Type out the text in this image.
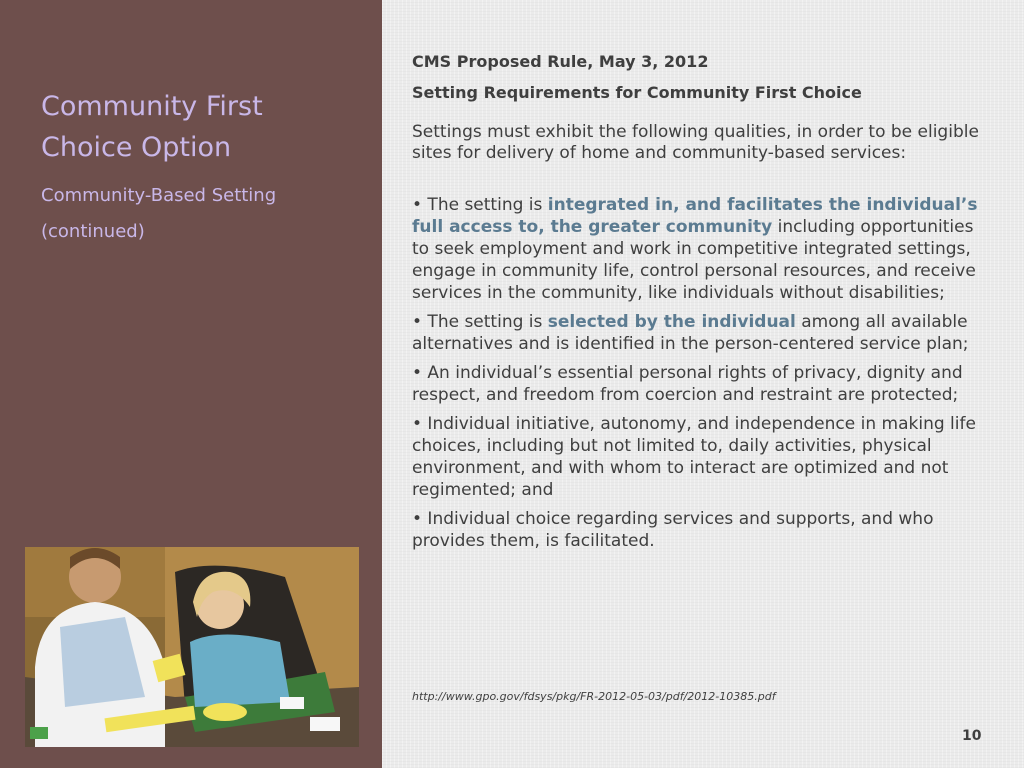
Community First Choice Option
Community-Based Setting
(continued)
CMS Proposed Rule, May 3, 2012
Setting Requirements for Community First Choice
Settings must exhibit the following qualities, in order to be eligible sites for delivery of home and community-based services:
• The setting is integrated in, and facilitates the individual’s full access to, the greater community including opportunities to seek employment and work in competitive integrated settings, engage in community life, control personal resources, and receive services in the community, like individuals without disabilities;
• The setting is selected by the individual among all available alternatives and is identified in the person-centered service plan;
• An individual’s essential personal rights of privacy, dignity and respect, and freedom from coercion and restraint are protected;
• Individual initiative, autonomy, and independence in making life choices, including but not limited to, daily activities, physical environment, and with whom to interact are optimized and not regimented; and
• Individual choice regarding services and supports, and who provides them, is facilitated.
http://www.gpo.gov/fdsys/pkg/FR-2012-05-03/pdf/2012-10385.pdf
10
